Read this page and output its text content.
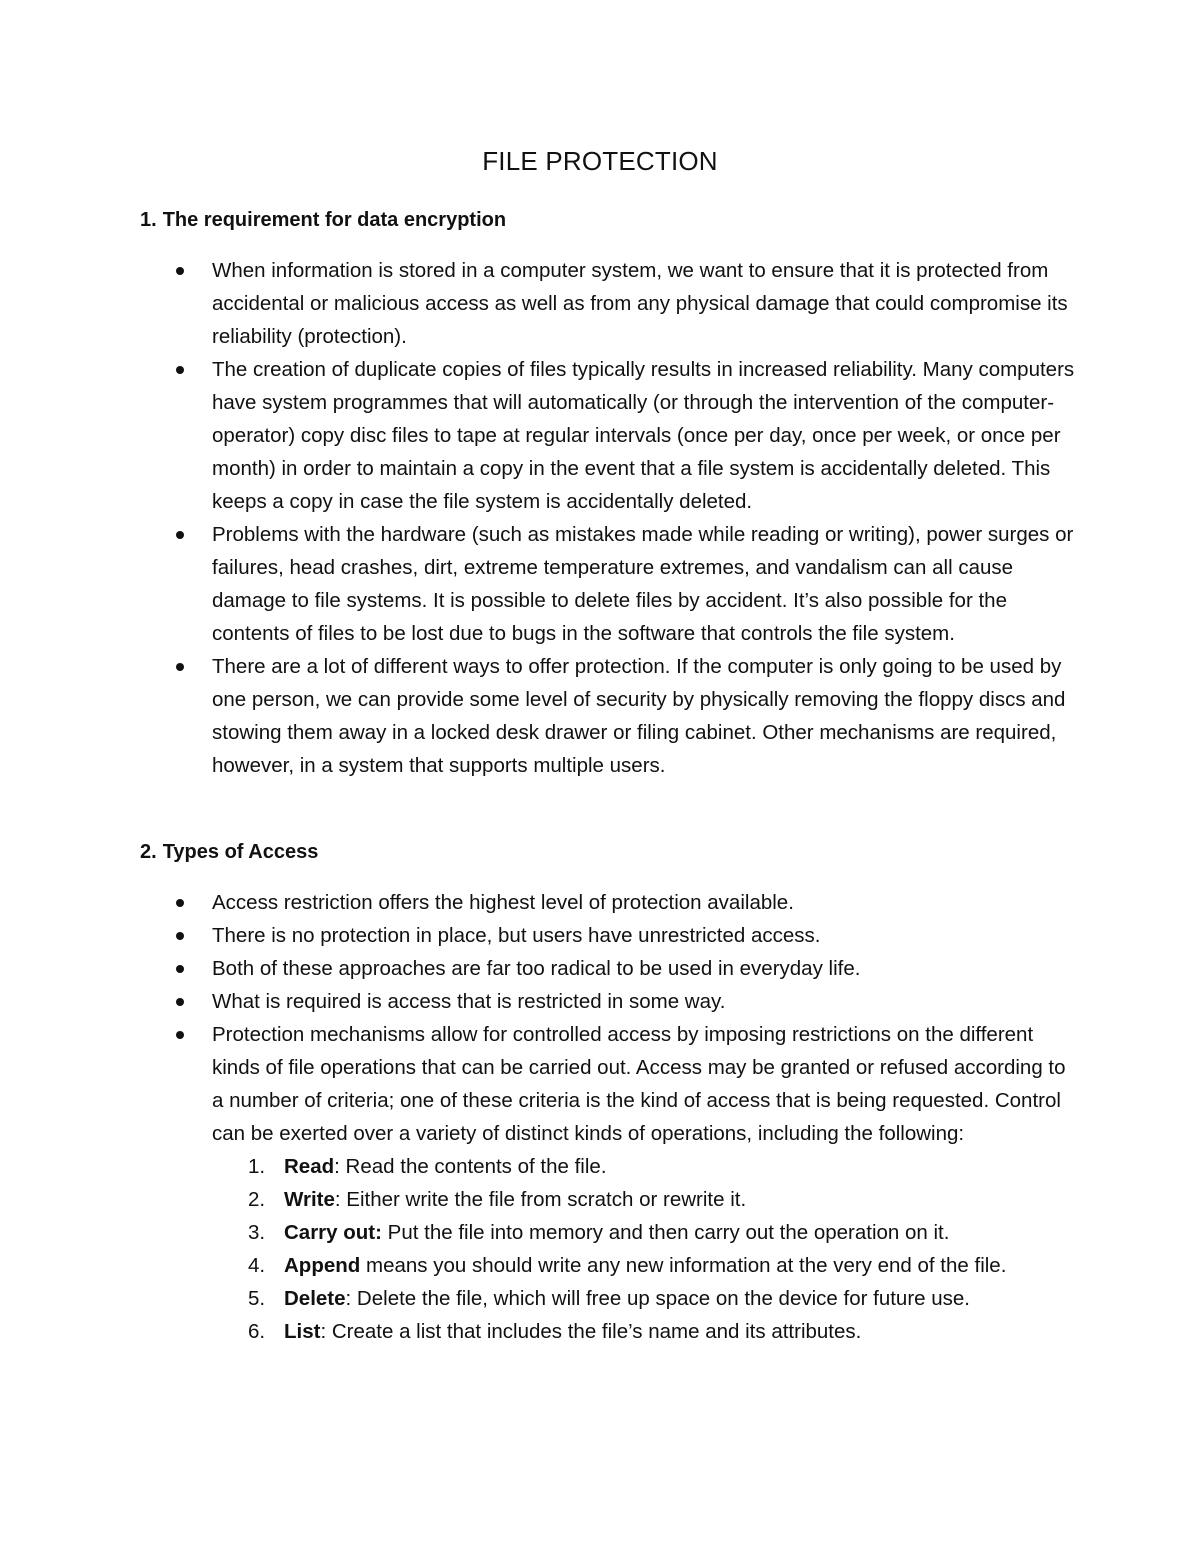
FILE PROTECTION
1. The requirement for data encryption
When information is stored in a computer system, we want to ensure that it is protected from accidental or malicious access as well as from any physical damage that could compromise its reliability (protection).
The creation of duplicate copies of files typically results in increased reliability. Many computers have system programmes that will automatically (or through the intervention of the computer-operator) copy disc files to tape at regular intervals (once per day, once per week, or once per month) in order to maintain a copy in the event that a file system is accidentally deleted. This keeps a copy in case the file system is accidentally deleted.
Problems with the hardware (such as mistakes made while reading or writing), power surges or failures, head crashes, dirt, extreme temperature extremes, and vandalism can all cause damage to file systems. It is possible to delete files by accident. It’s also possible for the contents of files to be lost due to bugs in the software that controls the file system.
There are a lot of different ways to offer protection. If the computer is only going to be used by one person, we can provide some level of security by physically removing the floppy discs and stowing them away in a locked desk drawer or filing cabinet. Other mechanisms are required, however, in a system that supports multiple users.
2. Types of Access
Access restriction offers the highest level of protection available.
There is no protection in place, but users have unrestricted access.
Both of these approaches are far too radical to be used in everyday life.
What is required is access that is restricted in some way.
Protection mechanisms allow for controlled access by imposing restrictions on the different kinds of file operations that can be carried out. Access may be granted or refused according to a number of criteria; one of these criteria is the kind of access that is being requested. Control can be exerted over a variety of distinct kinds of operations, including the following:
1. Read: Read the contents of the file.
2. Write: Either write the file from scratch or rewrite it.
3. Carry out: Put the file into memory and then carry out the operation on it.
4. Append means you should write any new information at the very end of the file.
5. Delete: Delete the file, which will free up space on the device for future use.
6. List: Create a list that includes the file’s name and its attributes.
